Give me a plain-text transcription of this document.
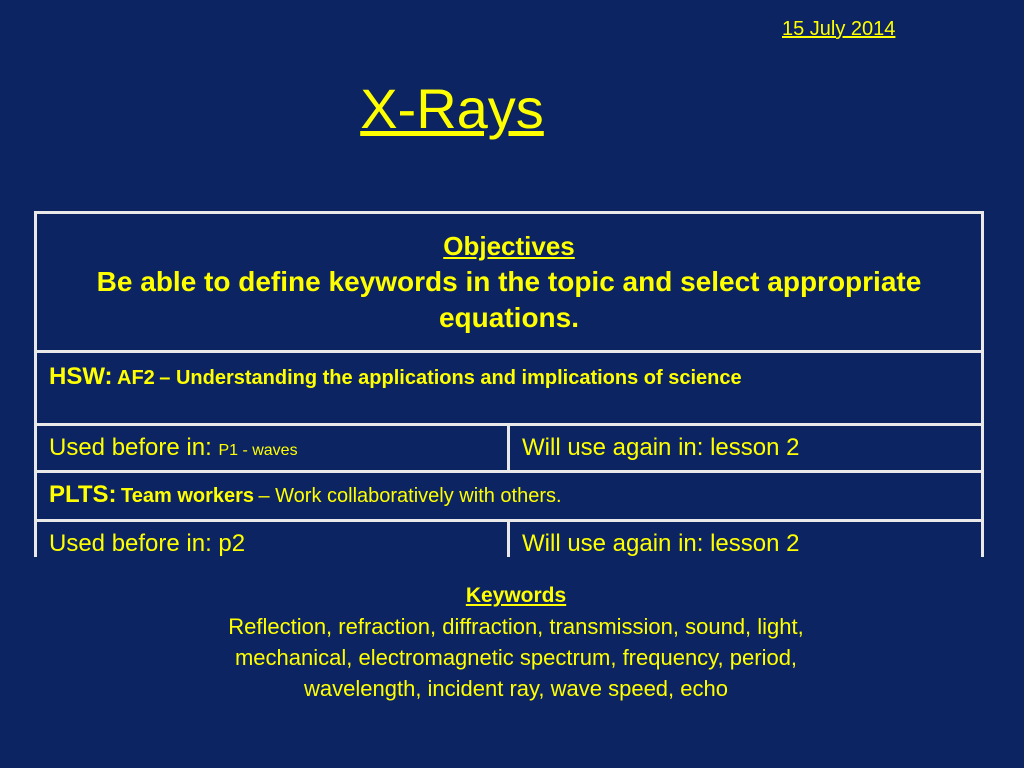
15 July 2014
X-Rays
Objectives
Be able to define keywords in the topic and select appropriate equations.
HSW: AF2 – Understanding the applications and implications of science
Used before in: P1 - waves	Will use again in: lesson 2
PLTS: Team workers – Work collaboratively with others.
Used before in: p2	Will use again in: lesson 2
Keywords
Reflection, refraction, diffraction, transmission, sound, light,
mechanical, electromagnetic spectrum, frequency, period,
wavelength, incident ray, wave speed, echo
